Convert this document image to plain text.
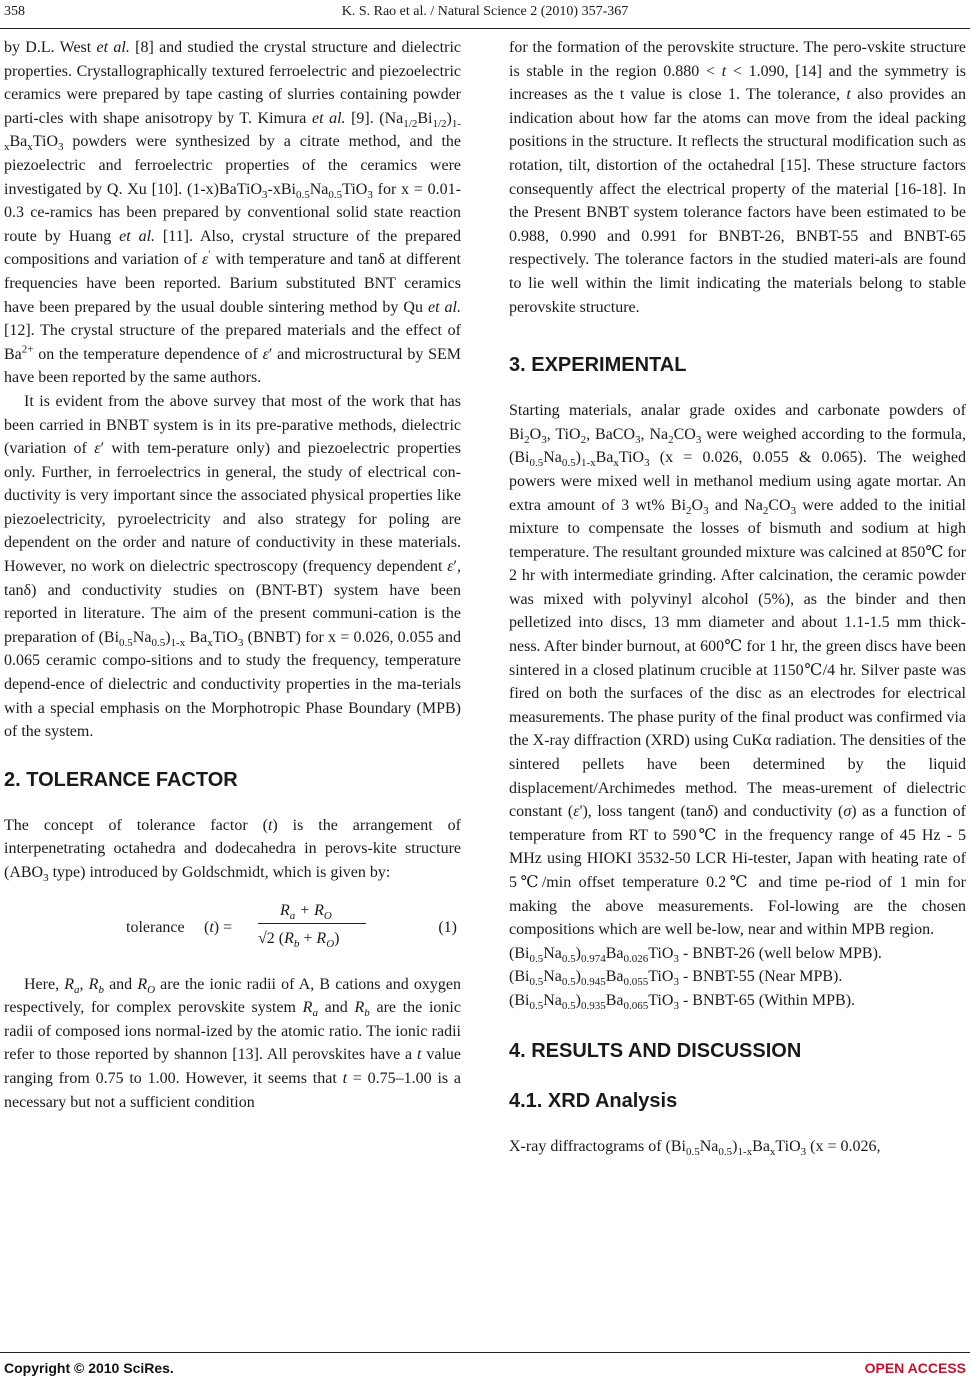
358	K. S. Rao et al. / Natural Science 2 (2010) 357-367

by D.L. West et al. [8] and studied the crystal structure and dielectric properties. Crystallographically textured ferroelectric and piezoelectric ceramics were prepared by tape casting of slurries containing powder parti-cles with shape anisotropy by T. Kimura et al. [9]. $(Na_{1/2}Bi_{1/2})_{1-x}Ba_xTiO_3$ powders were synthesized by a citrate method, and the piezoelectric and ferroelectric properties of the ceramics were investigated by Q. Xu [10]. $(1-x)BaTiO_3-xBi_{0.5}Na_{0.5}TiO_3$ for x = 0.01-0.3 ce-ramics has been prepared by conventional solid state reaction route by Huang et al. [11]. Also, crystal structure of the prepared compositions and variation of ε′ with temperature and tanδ at different frequencies have been reported. Barium substituted BNT ceramics have been prepared by the usual double sintering method by Qu et al. [12]. The crystal structure of the prepared materials and the effect of $Ba^{2+}$ on the temperature dependence of ε′ and microstructural by SEM have been reported by the same authors.

It is evident from the above survey that most of the work that has been carried in BNBT system is in its pre-parative methods, dielectric (variation of ε′ with tem-perature only) and piezoelectric properties only. Further, in ferroelectrics in general, the study of electrical con-ductivity is very important since the associated physical properties like piezoelectricity, pyroelectricity and also strategy for poling are dependent on the order and nature of conductivity in these materials. However, no work on dielectric spectroscopy (frequency dependent ε′, tanδ) and conductivity studies on (BNT-BT) system have been reported in literature. The aim of the present communi-cation is the preparation of $(Bi_{0.5}Na_{0.5})_{1-x}$ $Ba_xTiO_3$ (BNBT) for x = 0.026, 0.055 and 0.065 ceramic compo-sitions and to study the frequency, temperature depend-ence of dielectric and conductivity properties in the ma-terials with a special emphasis on the Morphotropic Phase Boundary (MPB) of the system.

2. TOLERANCE FACTOR

The concept of tolerance factor (t) is the arrangement of interpenetrating octahedra and dodecahedra in perovs-kite structure ($ABO_3$ type) introduced by Goldschmidt, which is given by:

tolerance (t) =
$R_a + R_O$
√2 $(R_b + R_O)$
(1)

Here, $R_a$, $R_b$ and $R_O$ are the ionic radii of A, B cations and oxygen respectively, for complex perovskite system $R_a$ and $R_b$ are the ionic radii of composed ions normal-ized by the atomic ratio. The ionic radii refer to those reported by shannon [13]. All perovskites have a t value ranging from 0.75 to 1.00. However, it seems that t = 0.75–1.00 is a necessary but not a sufficient condition

for the formation of the perovskite structure. The pero-vskite structure is stable in the region 0.880 < t < 1.090, [14] and the symmetry is increases as the t value is close 1. The tolerance, t also provides an indication about how far the atoms can move from the ideal packing positions in the structure. It reflects the structural modification such as rotation, tilt, distortion of the octahedral [15]. These structure factors consequently affect the electrical property of the material [16-18]. In the Present BNBT system tolerance factors have been estimated to be 0.988, 0.990 and 0.991 for BNBT-26, BNBT-55 and BNBT-65 respectively. The tolerance factors in the studied materi-als are found to lie well within the limit indicating the materials belong to stable perovskite structure.

3. EXPERIMENTAL

Starting materials, analar grade oxides and carbonate powders of $Bi_2O_3$, TiO$_2$, BaCO$_3$, $Na_2CO_3$ were weighed according to the formula, $(Bi_{0.5}Na_{0.5})_{1-x}Ba_xTiO_3$ (x = 0.026, 0.055 & 0.065). The weighed powers were mixed well in methanol medium using agate mortar. An extra amount of 3 wt% $Bi_2O_3$ and $Na_2CO_3$ were added to the initial mixture to compensate the losses of bismuth and sodium at high temperature. The resultant grounded mixture was calcined at 850℃ for 2 hr with intermediate grinding. After calcination, the ceramic powder was mixed with polyvinyl alcohol (5%), as the binder and then pelletized into discs, 13 mm diameter and about 1.1-1.5 mm thick-ness. After binder burnout, at 600℃ for 1 hr, the green discs have been sintered in a closed platinum crucible at 1150℃/4 hr. Silver paste was fired on both the surfaces of the disc as an electrodes for electrical measurements. The phase purity of the final product was confirmed via the X-ray diffraction (XRD) using CuKα radiation. The densities of the sintered pellets have been determined by the liquid displacement/Archimedes method. The meas-urement of dielectric constant (ε'), loss tangent (tanδ) and conductivity (σ) as a function of temperature from RT to 590℃ in the frequency range of 45 Hz - 5 MHz using HIOKI 3532-50 LCR Hi-tester, Japan with heating rate of 5℃/min offset temperature 0.2℃ and time pe-riod of 1 min for making the above measurements. Fol-lowing are the chosen compositions which are well be-low, near and within MPB region.

$(Bi_{0.5}Na_{0.5})_{0.974}Ba_{0.026}TiO_3$ - BNBT-26 (well below MPB).

$(Bi_{0.5}Na_{0.5})_{0.945}Ba_{0.055}TiO_3$ - BNBT-55 (Near MPB).

$(Bi_{0.5}Na_{0.5})_{0.935}Ba_{0.065}TiO_3$ - BNBT-65 (Within MPB).

4. RESULTS AND DISCUSSION
4.1. XRD Analysis

X-ray diffractograms of $(Bi_{0.5}Na_{0.5})_{1-x}Ba_xTiO_3$ (x = 0.026,

Copyright © 2010 SciRes.	OPEN ACCESS
